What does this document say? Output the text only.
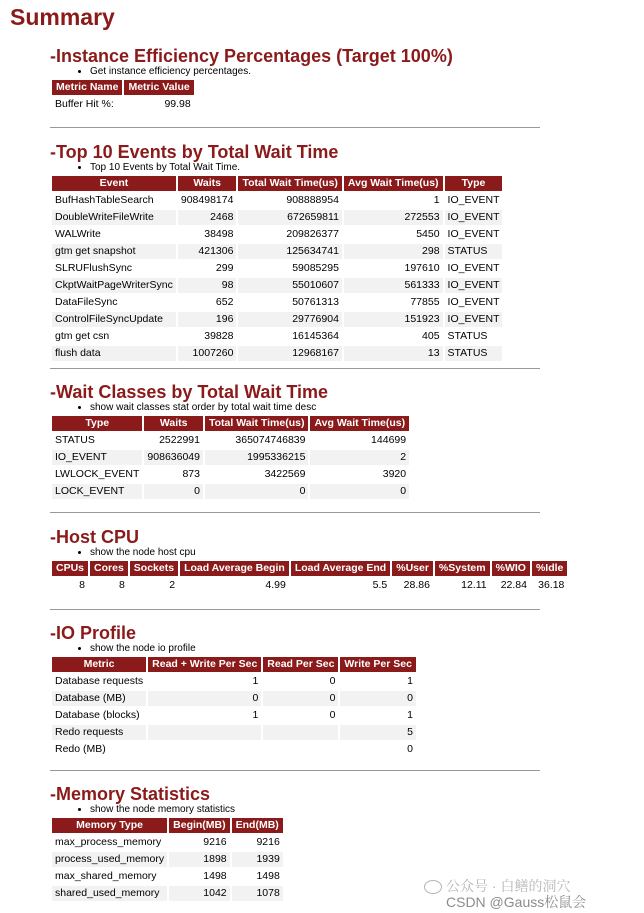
Summary
-Instance Efficiency Percentages (Target 100%)
• Get instance efficiency percentages.
Metric Name	Metric Value
Buffer Hit %:	99.98
-Top 10 Events by Total Wait Time
• Top 10 Events by Total Wait Time.
Event	Waits	Total Wait Time(us)	Avg Wait Time(us)	Type
BufHashTableSearch	908498174	908888954	1	IO_EVENT
DoubleWriteFileWrite	2468	672659811	272553	IO_EVENT
WALWrite	38498	209826377	5450	IO_EVENT
gtm get snapshot	421306	125634741	298	STATUS
SLRUFlushSync	299	59085295	197610	IO_EVENT
CkptWaitPageWriterSync	98	55010607	561333	IO_EVENT
DataFileSync	652	50761313	77855	IO_EVENT
ControlFileSyncUpdate	196	29776904	151923	IO_EVENT
gtm get csn	39828	16145364	405	STATUS
flush data	1007260	12968167	13	STATUS
-Wait Classes by Total Wait Time
• show wait classes stat order by total wait time desc
Type	Waits	Total Wait Time(us)	Avg Wait Time(us)
STATUS	2522991	365074746839	144699
IO_EVENT	908636049	1995336215	2
LWLOCK_EVENT	873	3422569	3920
LOCK_EVENT	0	0	0
-Host CPU
• show the node host cpu
CPUs	Cores	Sockets	Load Average Begin	Load Average End	%User	%System	%WIO	%Idle
8	8	2	4.99	5.5	28.86	12.11	22.84	36.18
-IO Profile
• show the node io profile
Metric	Read + Write Per Sec	Read Per Sec	Write Per Sec
Database requests	1	0	1
Database (MB)	0	0	0
Database (blocks)	1	0	1
Redo requests			5
Redo (MB)			0
-Memory Statistics
• show the node memory statistics
Memory Type	Begin(MB)	End(MB)
max_process_memory	9216	9216
process_used_memory	1898	1939
max_shared_memory	1498	1498
shared_used_memory	1042	1078	公众号 · 白鳝的洞穴
CSDN @Gauss松鼠会
